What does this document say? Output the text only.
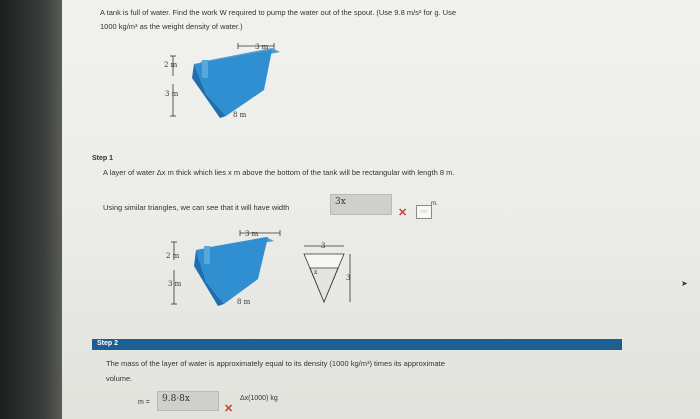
A tank is full of water. Find the work W required to pump the water out of the spout. (Use 9.8 m/s² for g. Use
1000 kg/m³ as the weight density of water.)
3 m
2 m
3 m
8 m
Step 1
A layer of water Δx m thick which lies x m above the bottom of the tank will be rectangular with length 8 m.
Using similar triangles, we can see that it will have width
3x
✕	▭
m.
3 m
2 m
3 m
8 m
3
3
x
Step 2
The mass of the layer of water is approximately equal to its density (1000 kg/m³) times its approximate
volume.
m =	9.8·8x
✕
Δx(1000) kg
➤
